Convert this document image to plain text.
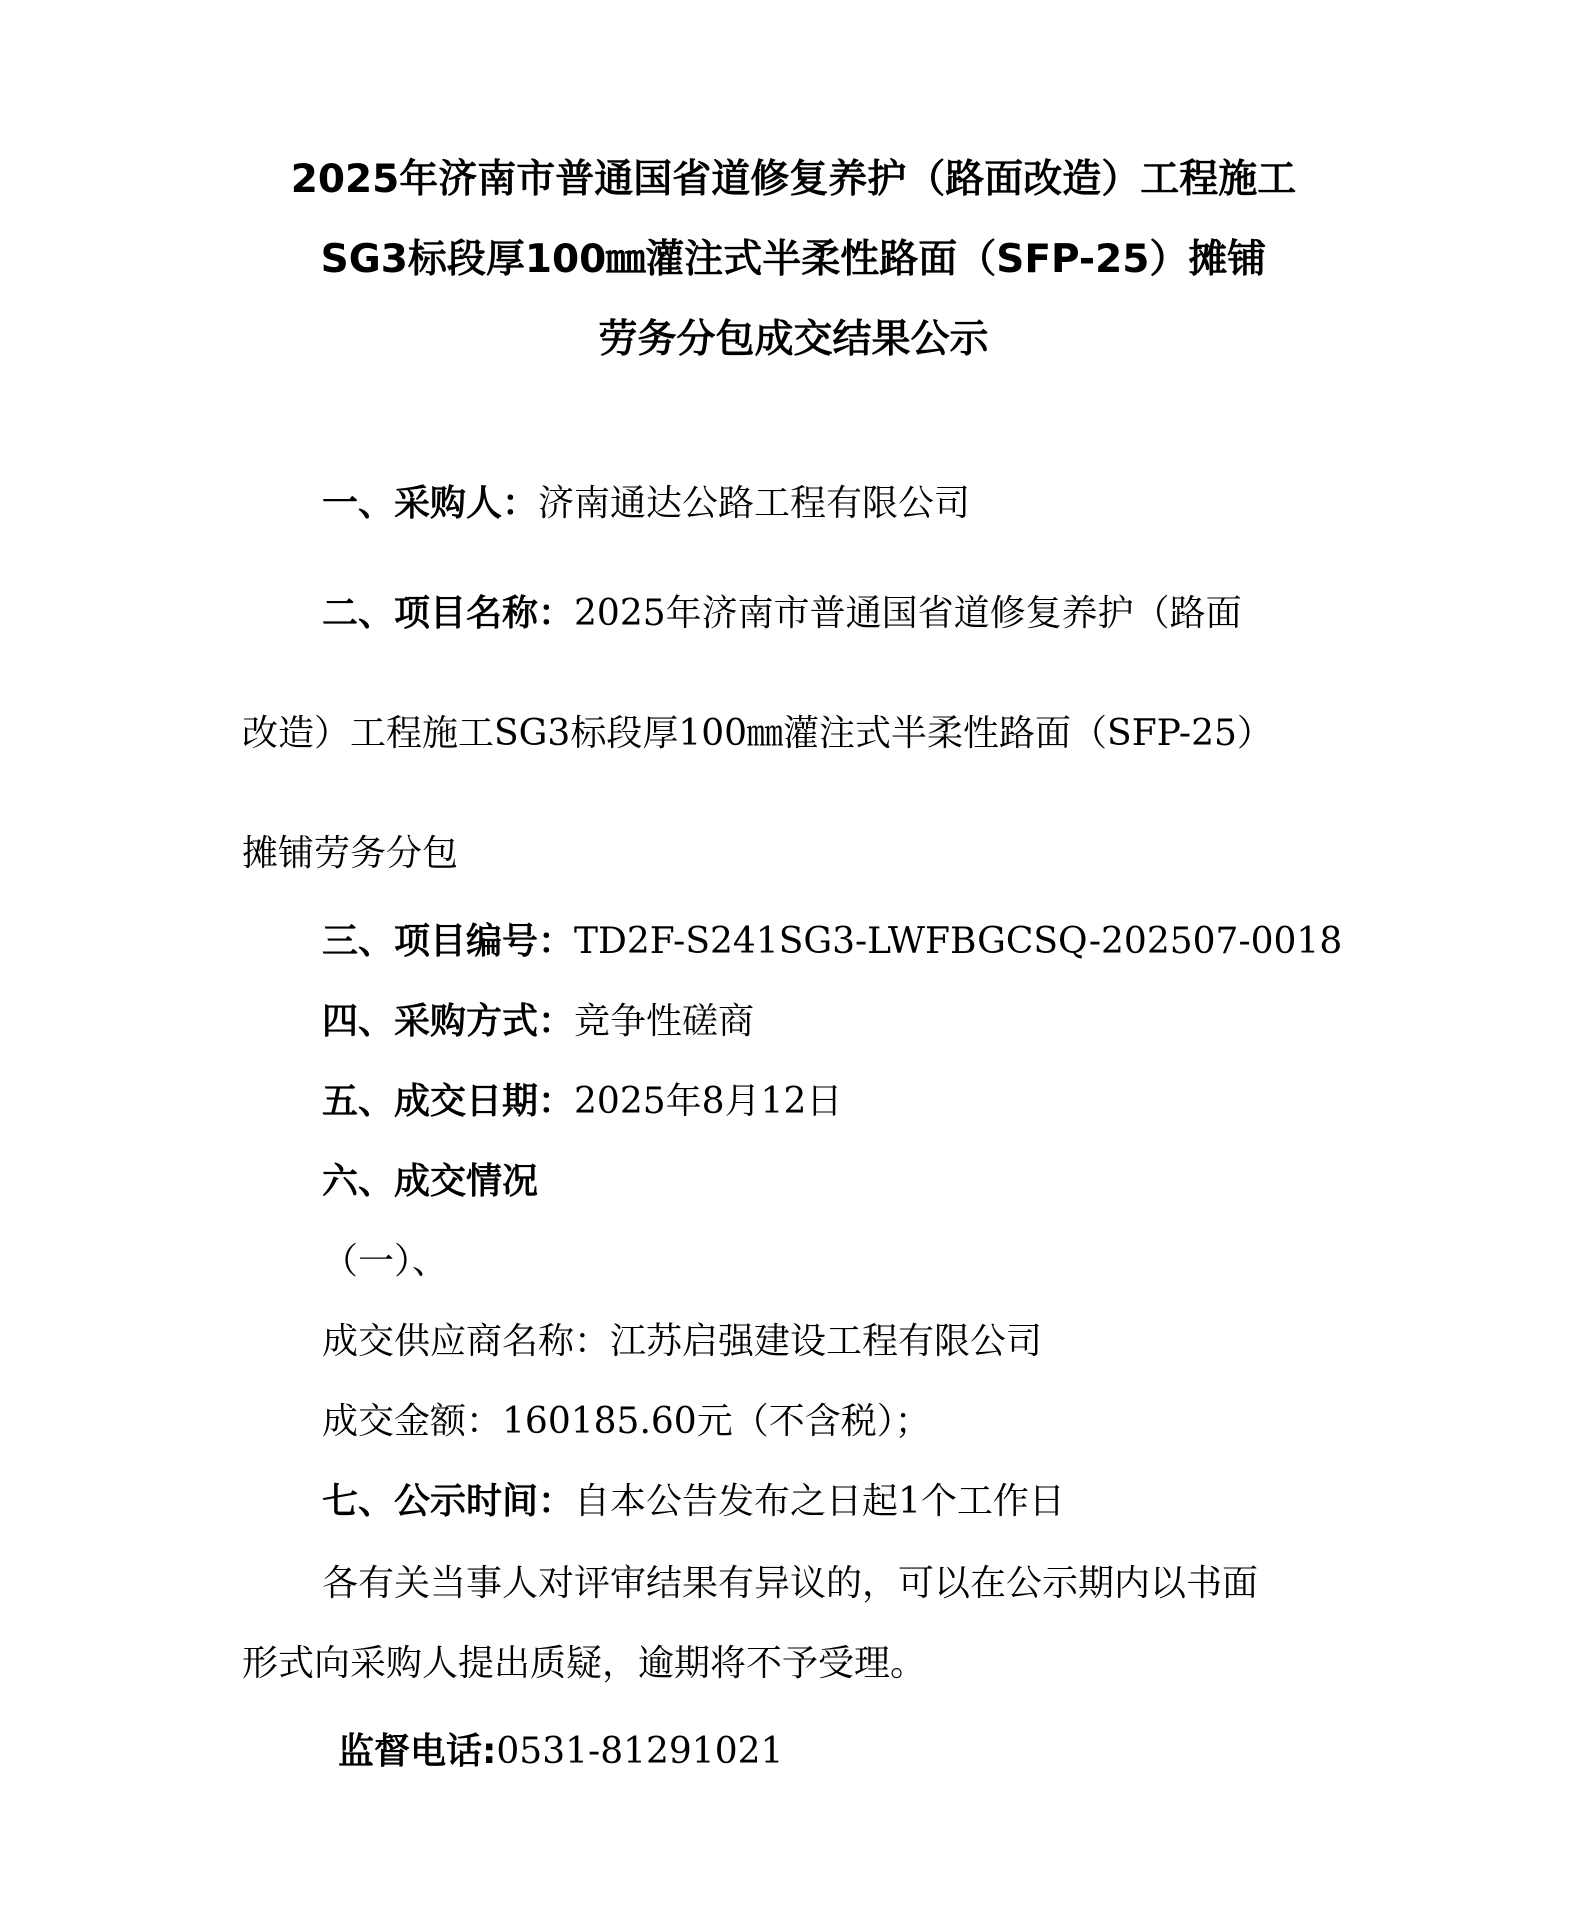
2025年济南市普通国省道修复养护（路面改造）工程施工
SG3标段厚100㎜灌注式半柔性路面（SFP-25）摊铺
劳务分包成交结果公示
一、采购人：济南通达公路工程有限公司
二、项目名称：2025年济南市普通国省道修复养护（路面
改造）工程施工SG3标段厚100㎜灌注式半柔性路面（SFP-25）
摊铺劳务分包
三、项目编号：TD2F-S241SG3-LWFBGCSQ-202507-0018
四、采购方式：竞争性磋商
五、成交日期：2025年8月12日
六、成交情况
（一）、
成交供应商名称：江苏启强建设工程有限公司
成交金额：160185.60元（不含税）；
七、公示时间：自本公告发布之日起1个工作日
各有关当事人对评审结果有异议的，可以在公示期内以书面
形式向采购人提出质疑，逾期将不予受理。
监督电话:0531-81291021
